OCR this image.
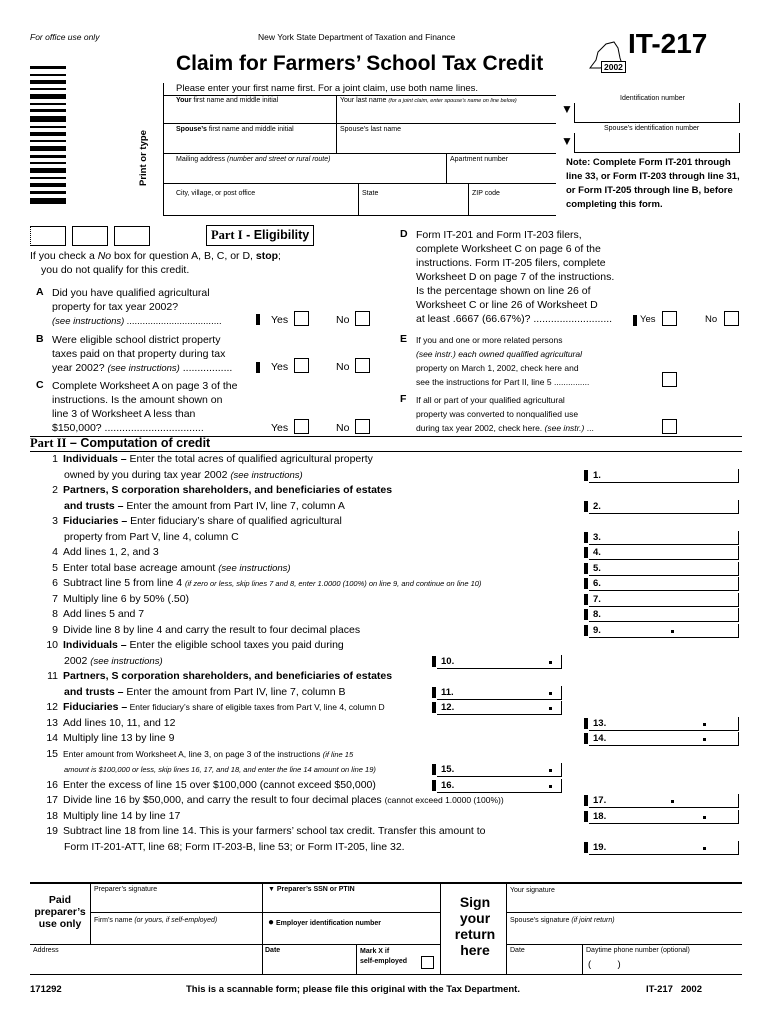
For office use only	New York State Department of Taxation and Finance
Claim for Farmers’ School Tax Credit
IT-217
2002
Print or type
Please enter your first name first. For a joint claim, use both name lines.
Your first name and middle initial	Your last name (for a joint claim, enter spouse’s name on line below)	Identification number
▼
Spouse’s first name and middle initial	Spouse’s last name	Spouse’s identification number
▼
Mailing address (number and street or rural route)	Apartment number
City, village, or post office	State	ZIP code
Note: Complete Form IT-201 through line 33, or Form IT-203 through line 31, or Form IT-205 through line B, before completing this form.
Part I - Eligibility
If you check a No box for question A, B, C, or D, stop;
you do not qualify for this credit.
A Did you have qualified agricultural
property for tax year 2002?
(see instructions) ....................................	Yes	No
B Were eligible school district property
taxes paid on that property during tax
year 2002? (see instructions) .................	Yes	No
C Complete Worksheet A on page 3 of the
instructions. Is the amount shown on
line 3 of Worksheet A less than
$150,000? ..................................	Yes	No
D Form IT-201 and Form IT-203 filers,
complete Worksheet C on page 6 of the
instructions. Form IT-205 filers, complete
Worksheet D on page 7 of the instructions.
Is the percentage shown on line 26 of
Worksheet C or line 26 of Worksheet D
at least .6667 (66.67%)? ...........................	Yes	No
E If you and one or more related persons
(see instr.) each owned qualified agricultural
property on March 1, 2002, check here and
see the instructions for Part II, line 5 ...............
F If all or part of your qualified agricultural
property was converted to nonqualified use
during tax year 2002, check here. (see instr.) ...
Part II – Computation of credit
1 Individuals – Enter the total acres of qualified agricultural property
owned by you during tax year 2002 (see instructions)	1.
2 Partners, S corporation shareholders, and beneficiaries of estates
and trusts – Enter the amount from Part IV, line 7, column A	2.
3 Fiduciaries – Enter fiduciary’s share of qualified agricultural
property from Part V, line 4, column C	3.
4 Add lines 1, 2, and 3	4.
5 Enter total base acreage amount (see instructions)	5.
6 Subtract line 5 from line 4 (if zero or less, skip lines 7 and 8, enter 1.0000 (100%) on line 9, and continue on line 10)	6.
7 Multiply line 6 by 50% (.50)	7.
8 Add lines 5 and 7	8.
9 Divide line 8 by line 4 and carry the result to four decimal places	9.
10 Individuals – Enter the eligible school taxes you paid during
2002 (see instructions)	10.
11 Partners, S corporation shareholders, and beneficiaries of estates
and trusts – Enter the amount from Part IV, line 7, column B	11.
12 Fiduciaries – Enter fiduciary’s share of eligible taxes from Part V, line 4, column D	12.
13 Add lines 10, 11, and 12	13.
14 Multiply line 13 by line 9	14.
15 Enter amount from Worksheet A, line 3, on page 3 of the instructions (if line 15
amount is $100,000 or less, skip lines 16, 17, and 18, and enter the line 14 amount on line 19)	15.
16 Enter the excess of line 15 over $100,000 (cannot exceed $50,000)	16.
17 Divide line 16 by $50,000, and carry the result to four decimal places (cannot exceed 1.0000 (100%))	17.
18 Multiply line 14 by line 17	18.
19 Subtract line 18 from line 14. This is your farmers’ school tax credit. Transfer this amount to
Form IT-201-ATT, line 68; Form IT-203-B, line 53; or Form IT-205, line 32.	19.
Paid
preparer’s
use only
Preparer’s signature	▼ Preparer’s SSN or PTIN
Firm’s name (or yours, if self-employed)	● Employer identification number
Address	Date	Mark X if
self-employed
Sign
your
return
here
Your signature
Spouse’s signature (if joint return)
Date	Daytime phone number (optional)
(          )
171292	This is a scannable form; please file this original with the Tax Department.	IT-217   2002
